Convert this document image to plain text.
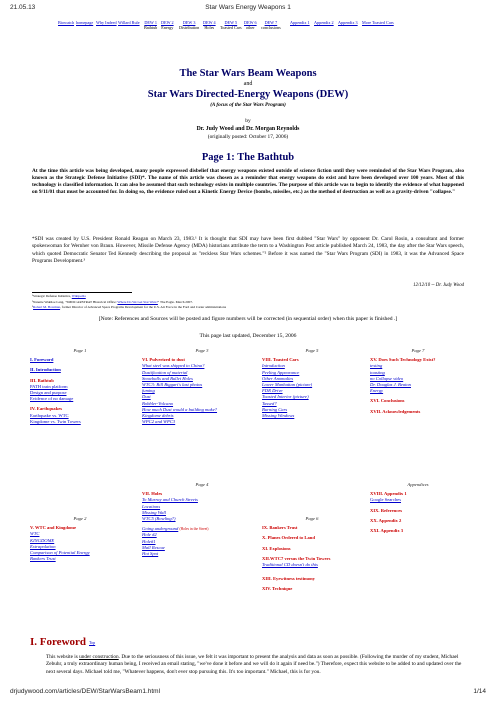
21.05.13	Star Wars Energy Weapons 1
Biowatch homepage Why Indeed Willard Rule DEW 1
Bathtub
DEW 2
Energy
DEW 3
Distribution
DEW 4
Holes
DEW 5
Toasted Cars
DEW 6
other
DEW 7
conclusions
Appendix 1 Appendix 2 Appendix 3 More Toasted Cars
The Star Wars Beam Weapons
and
Star Wars Directed-Energy Weapons (DEW)
(A focus of the Star Wars Program)
by
Dr. Judy Wood and Dr. Morgan Reynolds
(originally posted: October 17, 2006)
Page 1: The Bathtub
At the time this article was being developed, many people expressed disbelief that energy weapons existed outside of science fiction until they were reminded of the Star Wars Program, also known as the Strategic Defense Initiative (SDI)*. The name of this article was chosen as a reminder that energy weapons do exist and have been developed over 100 years. Most of this technology is classified information. It can also be assumed that such technology exists in multiple countries. The purpose of this article was to begin to identify the evidence of what happened on 9/11/01 that must be accounted for. In doing so, the evidence ruled out a Kinetic Energy Device (bombs, missiles, etc.) as the method of destruction as well as a gravity-driven "collapse."
*SDI was created by U.S. President Ronald Reagan on March 23, 1983.¹ It is thought that SDI may have been first dubbed "Star Wars" by opponent Dr. Carol Rosin, a consultant and former spokeswoman for Wernher von Braun. However, Missile Defense Agency (MDA) historians attribute the term to a Washington Post article published March 24, 1983, the day after the Star Wars speech, which quoted Democratic Senator Ted Kennedy describing the proposal as "reckless Star Wars schemes."² Before it was named the "Star Wars Program (SDI) in 1983, it was the Advanced Space Programs Development.³
12/12/10 -- Dr. Judy Wood
¹Strategic Defense Initiative, Wikipedia
²Nanette Wakiloe Lang, "SMDC/ARSTRAT Historical Office: Where Do We Get Star Wars?" The Eagle. March 2007.
³Robert M. Bowman, former Director of Advanced Space Programs Development for the U.S. Air Force in the Ford and Carter administrations
[Note: References and Sources will be posted and figure numbers will be corrected (in sequential order) when this paper is finished .]
This page last updated, December 15, 2006
Page 1
I. Foreword
II. Introduction
III. Bathtub
PATH train platform
Design and purpose
Evidence of no damage
IV. Earthquakes
Earthquake vs. WTC
Kingdome vs. Twin Towers
Page 3
VI. Pulverized to dust
What steel was shipped to China?
Dustification of material
Snowballs and Bullet Holes
WTC3: Bill Biggart's last photos
fuming
Dust
Bobbler-Volcano
How much Dust would a building make?
Kingdome debris
WPC2 and WPC3
Page 5
VIII. Toasted Cars
Introduction
Peeling Appearance
Other Anomalies
Lower Manhattan (picture)
FDR Drive
Toasted Interior (picture)
Tassed?
Burning Cars
Missing Windows
Page 7
XV. Does Such Technology Exist?
testing
toasting
no Collapse video
Dr. Douglas J. Beaton
Energy
XVI. Conclusions
XVII. Acknowledgements
Page 2
V. WTC and Kingdome
WTC
KINGDOME
Extrapolation
Comparison of Potential Energy
Bankers Trust
Page 4
VII. Holes
To Murray and Church Streets
Locations
Missing Wall
WTC5 (Bowling?)
Going underground (Holes in the Street)
Hole #2
Hole#1
Mall Rescue
Hot Spot
Page 6
IX. Bankers Trust
X. Planes Ordered to Land
XI. Explosions
XII.WTC7 versus the Twin Towers
Traditional CD doesn't do this
XIII. Eyewitness testimony
XIV. Technique
Appendices
XVIII. Appendix 1
Google Searches
XIX. References
XX. Appendix 2
XXI. Appendix 3
I. Foreword Top
This website is under construction. Due to the seriousness of this issue, we felt it was important to present the analysis and data as soon as possible. (Following the murder of my student, Michael Zebuhr, a truly extraordinary human being, I received an email stating, "we've done it before and we will do it again if need be.") Therefore, expect this website to be added to and updated over the next several days. Michael told me, "Whatever happens, don't ever stop pursuing this. It's too important." Michael, this is for you.
drjudywood.com/articles/DEW/StarWarsBeam1.html	1/14
